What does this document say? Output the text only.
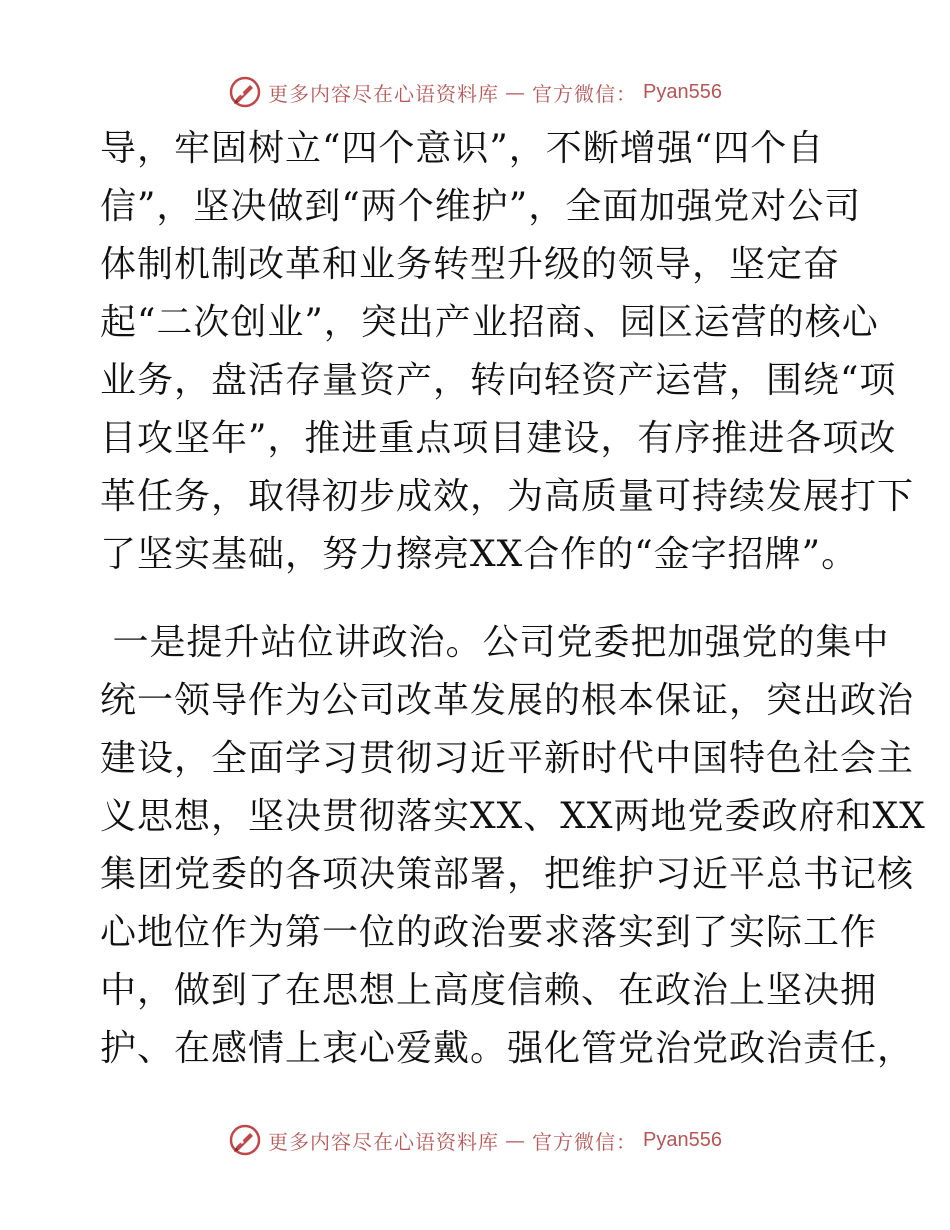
更多内容尽在心语资料库 — 官方微信： Pyan556
导，牢固树立“四个意识”，不断增强“四个自
信”，坚决做到“两个维护”，全面加强党对公司
体制机制改革和业务转型升级的领导，坚定奋
起“二次创业”，突出产业招商、园区运营的核心
业务，盘活存量资产，转向轻资产运营，围绕“项
目攻坚年”，推进重点项目建设，有序推进各项改
革任务，取得初步成效，为高质量可持续发展打下
了坚实基础，努力擦亮XX合作的“金字招牌”。
一是提升站位讲政治。公司党委把加强党的集中
统一领导作为公司改革发展的根本保证，突出政治
建设，全面学习贯彻习近平新时代中国特色社会主
义思想，坚决贯彻落实XX、XX两地党委政府和XX
集团党委的各项决策部署，把维护习近平总书记核
心地位作为第一位的政治要求落实到了实际工作
中，做到了在思想上高度信赖、在政治上坚决拥
护、在感情上衷心爱戴。强化管党治党政治责任，
更多内容尽在心语资料库 — 官方微信： Pyan556
